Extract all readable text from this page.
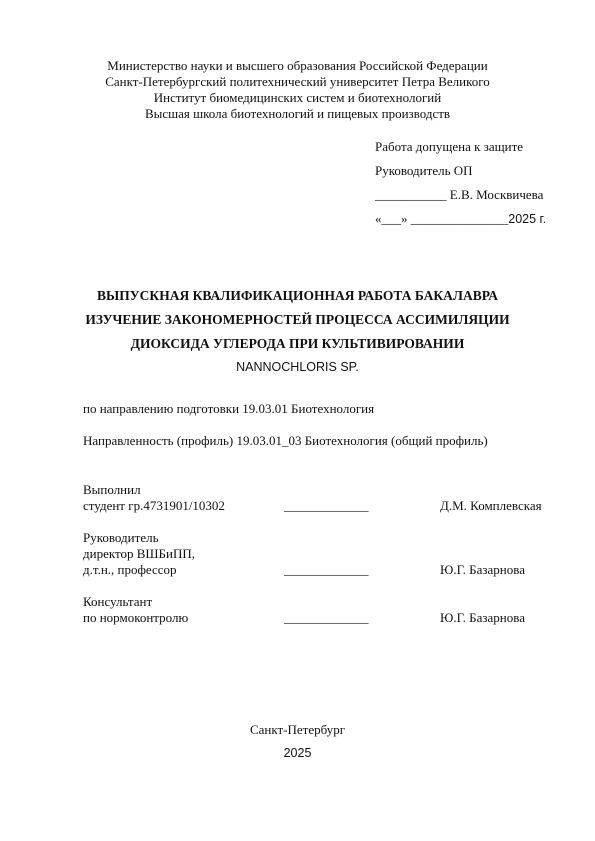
Министерство науки и высшего образования Российской Федерации
Санкт-Петербургский политехнический университет Петра Великого
Институт биомедицинских систем и биотехнологий
Высшая школа биотехнологий и пищевых производств
Работа допущена к защите
Руководитель ОП
___________ Е.В. Москвичева
«___» _______________2025 г.
ВЫПУСКНАЯ КВАЛИФИКАЦИОННАЯ РАБОТА БАКАЛАВРА
ИЗУЧЕНИЕ ЗАКОНОМЕРНОСТЕЙ ПРОЦЕССА АССИМИЛЯЦИИ
ДИОКСИДА УГЛЕРОДА ПРИ КУЛЬТИВИРОВАНИИ
NANNOCHLORIS SP.
по направлению подготовки 19.03.01 Биотехнология
Направленность (профиль) 19.03.01_03 Биотехнология (общий профиль)
Выполнил
студент гр.4731901/10302	_____________	Д.М. Комплевская
Руководитель
директор ВШБиПП,
д.т.н., профессор	_____________	Ю.Г. Базарнова
Консультант
по нормоконтролю	_____________	Ю.Г. Базарнова
Санкт-Петербург
2025
